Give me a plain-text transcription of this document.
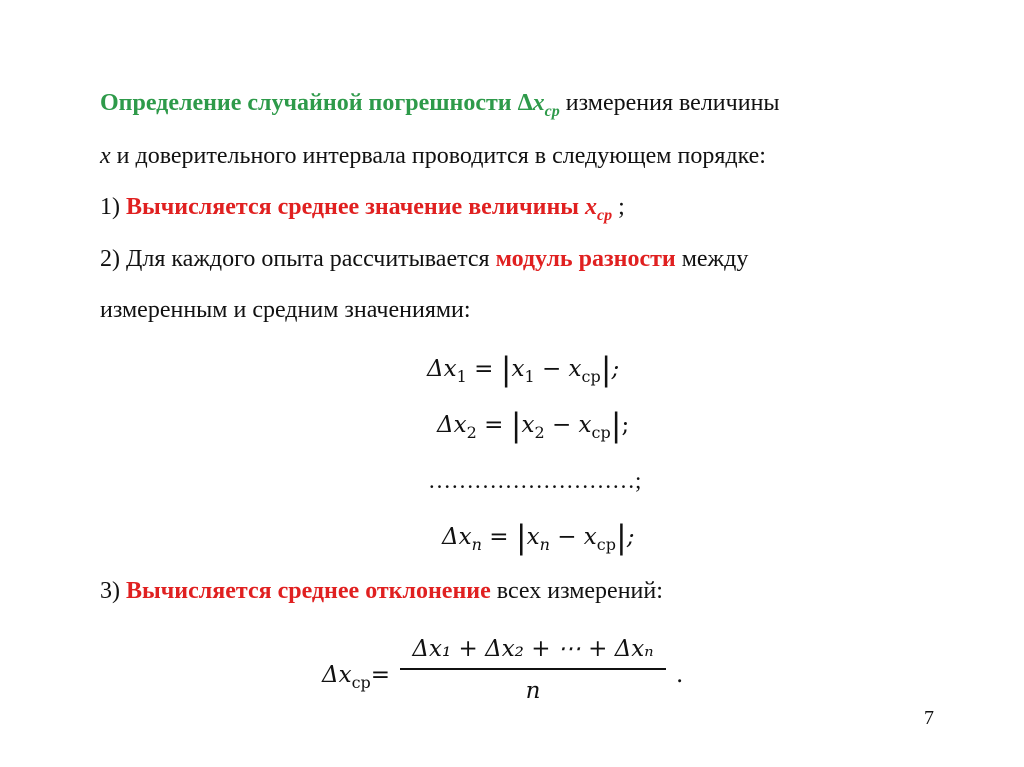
Определение случайной погрешности $\Delta x_{ср}$ измерения величины
x и доверительного интервала проводится в следующем порядке:
1) Вычисляется среднее значение величины $x_{ср}$ ;
2) Для каждого опыта рассчитывается модуль разности между
измеренным и средним значениями:
$\Delta x_1 = |x_1 - x_{ср}|$;
$\Delta x_2 = |x_2 - x_{ср}|$;
………………………;
$\Delta x_n = |x_n - x_{ср}|$;
3) Вычисляется среднее отклонение всех измерений:
$\Delta x_{ср}=$
Δx₁ + Δx₂ + ⋯ + Δxₙ
n
.
7
